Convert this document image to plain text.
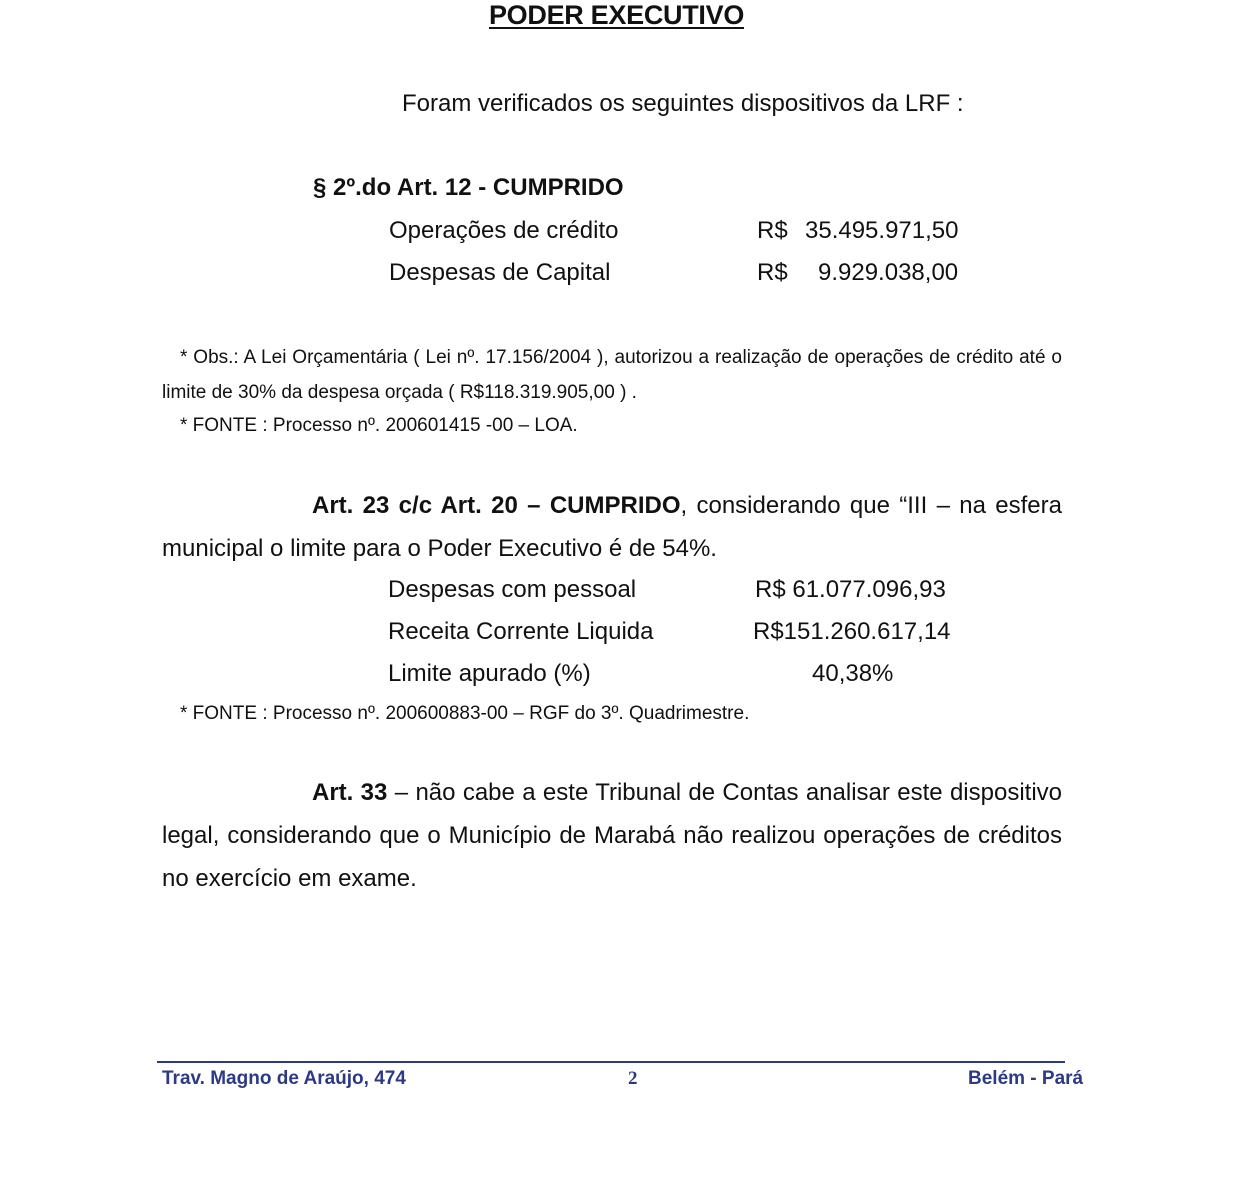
PODER EXECUTIVO
Foram verificados os seguintes dispositivos da LRF :
§ 2º.do Art. 12 - CUMPRIDO
Operações de crédito	R$ 35.495.971,50
Despesas de Capital	R$ 9.929.038,00
* Obs.: A Lei Orçamentária ( Lei nº. 17.156/2004 ), autorizou a realização de operações de crédito até o limite de 30% da despesa orçada ( R$118.319.905,00 ) .
* FONTE : Processo nº. 200601415 -00 – LOA.
Art. 23 c/c Art. 20 – CUMPRIDO, considerando que “III – na esfera municipal o limite para o Poder Executivo é de 54%.
Despesas com pessoal	R$ 61.077.096,93
Receita Corrente Liquida	R$151.260.617,14
Limite apurado (%)	40,38%
* FONTE : Processo nº. 200600883-00 – RGF do 3º. Quadrimestre.
Art. 33 – não cabe a este Tribunal de Contas analisar este dispositivo legal, considerando que o Município de Marabá não realizou operações de créditos no exercício em exame.
Trav. Magno de Araújo, 474	2	Belém - Pará
